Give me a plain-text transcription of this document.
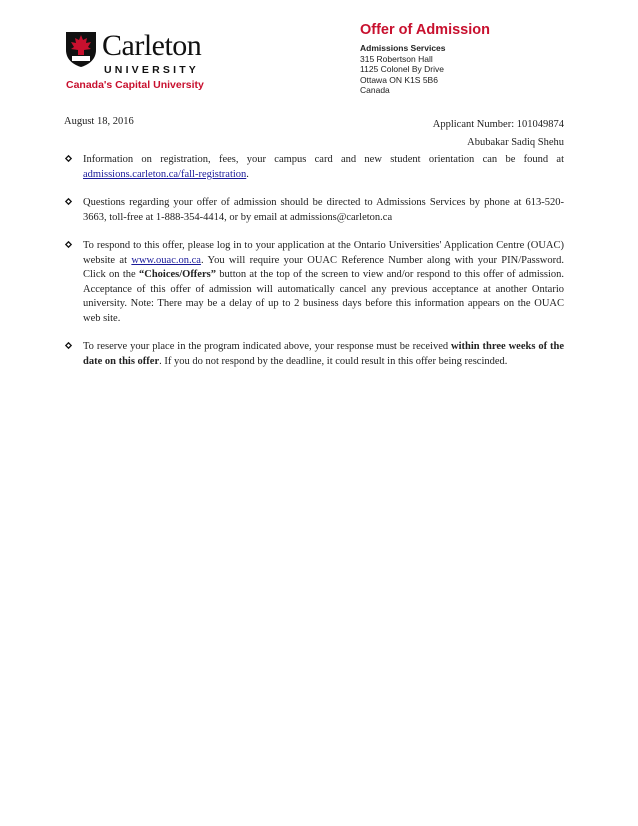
Carleton
UNIVERSITY
Canada's Capital University
Offer of Admission
Admissions Services
315 Robertson Hall
1125 Colonel By Drive
Ottawa ON K1S 5B6
Canada
August 18, 2016	Applicant Number: 101049874
Abubakar Sadiq Shehu
Information on registration, fees, your campus card and new student orientation can be found at admissions.carleton.ca/fall-registration.
Questions regarding your offer of admission should be directed to Admissions Services by phone at 613-520-3663, toll-free at 1-888-354-4414, or by email at admissions@carleton.ca
To respond to this offer, please log in to your application at the Ontario Universities' Application Centre (OUAC) website at www.ouac.on.ca. You will require your OUAC Reference Number along with your PIN/Password. Click on the “Choices/Offers” button at the top of the screen to view and/or respond to this offer of admission. Acceptance of this offer of admission will automatically cancel any previous acceptance at another Ontario university. Note: There may be a delay of up to 2 business days before this information appears on the OUAC web site.
To reserve your place in the program indicated above, your response must be received within three weeks of the date on this offer. If you do not respond by the deadline, it could result in this offer being rescinded.
